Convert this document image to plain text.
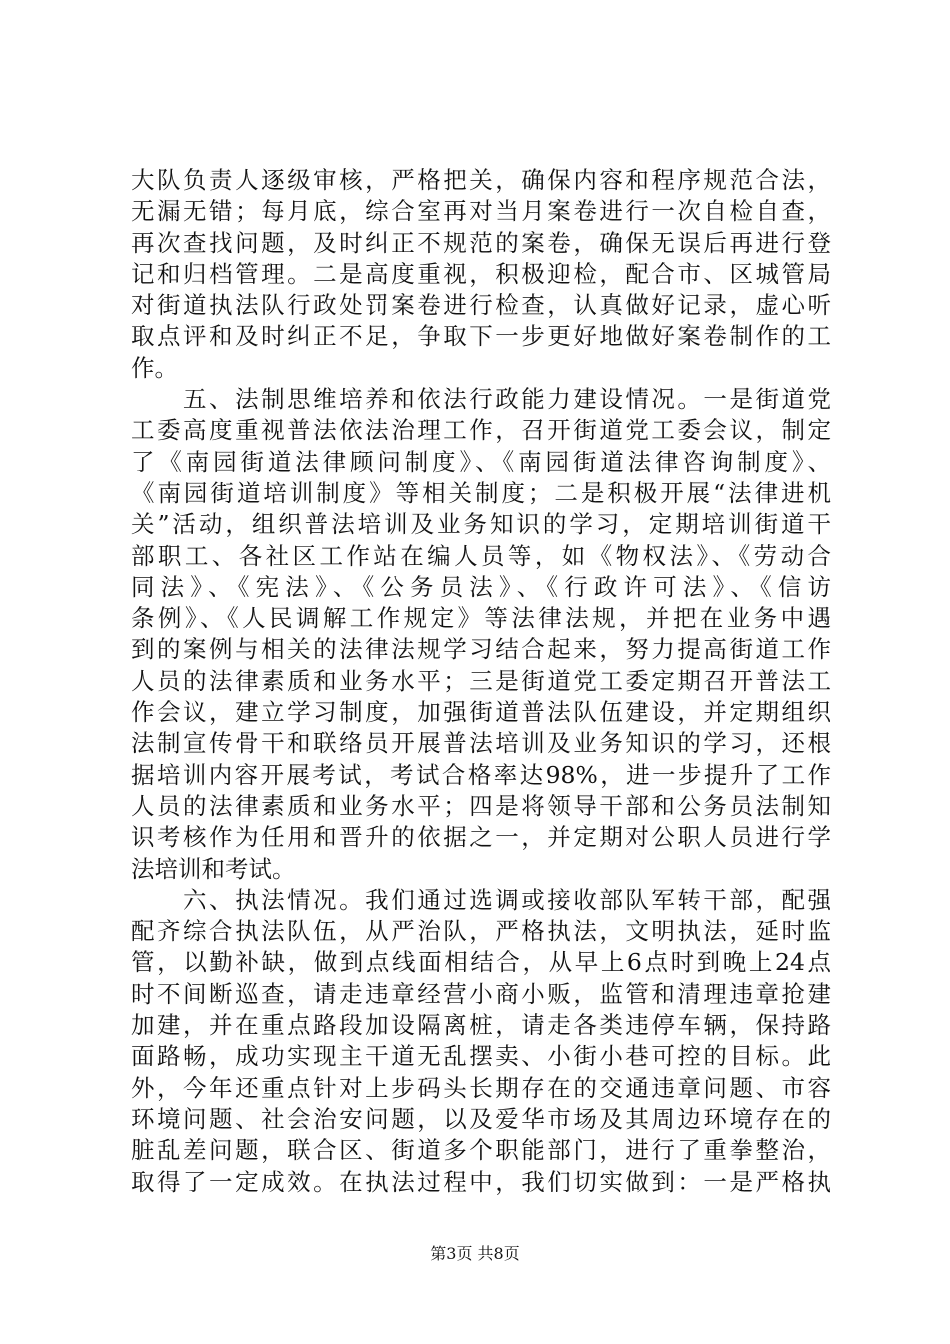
大队负责人逐级审核，严格把关，确保内容和程序规范合法，
无漏无错；每月底，综合室再对当月案卷进行一次自检自查，
再次查找问题，及时纠正不规范的案卷，确保无误后再进行登
记和归档管理。二是高度重视，积极迎检，配合市、区城管局
对街道执法队行政处罚案卷进行检查，认真做好记录，虚心听
取点评和及时纠正不足，争取下一步更好地做好案卷制作的工
作。
　　五、法制思维培养和依法行政能力建设情况。一是街道党
工委高度重视普法依法治理工作，召开街道党工委会议，制定
了《南园街道法律顾问制度》、《南园街道法律咨询制度》、
《南园街道培训制度》等相关制度；二是积极开展“法律进机
关”活动，组织普法培训及业务知识的学习，定期培训街道干
部职工、各社区工作站在编人员等，如《物权法》、《劳动合
同法》、《宪法》、《公务员法》、《行政许可法》、《信访
条例》、《人民调解工作规定》等法律法规，并把在业务中遇
到的案例与相关的法律法规学习结合起来，努力提高街道工作
人员的法律素质和业务水平；三是街道党工委定期召开普法工
作会议，建立学习制度，加强街道普法队伍建设，并定期组织
法制宣传骨干和联络员开展普法培训及业务知识的学习，还根
据培训内容开展考试，考试合格率达98%，进一步提升了工作
人员的法律素质和业务水平；四是将领导干部和公务员法制知
识考核作为任用和晋升的依据之一，并定期对公职人员进行学
法培训和考试。
　　六、执法情况。我们通过选调或接收部队军转干部，配强
配齐综合执法队伍，从严治队，严格执法，文明执法，延时监
管，以勤补缺，做到点线面相结合，从早上6点时到晚上24点
时不间断巡查，请走违章经营小商小贩，监管和清理违章抢建
加建，并在重点路段加设隔离桩，请走各类违停车辆，保持路
面路畅，成功实现主干道无乱摆卖、小街小巷可控的目标。此
外，今年还重点针对上步码头长期存在的交通违章问题、市容
环境问题、社会治安问题，以及爱华市场及其周边环境存在的
脏乱差问题，联合区、街道多个职能部门，进行了重拳整治，
取得了一定成效。在执法过程中，我们切实做到：一是严格执
第3页 共8页
